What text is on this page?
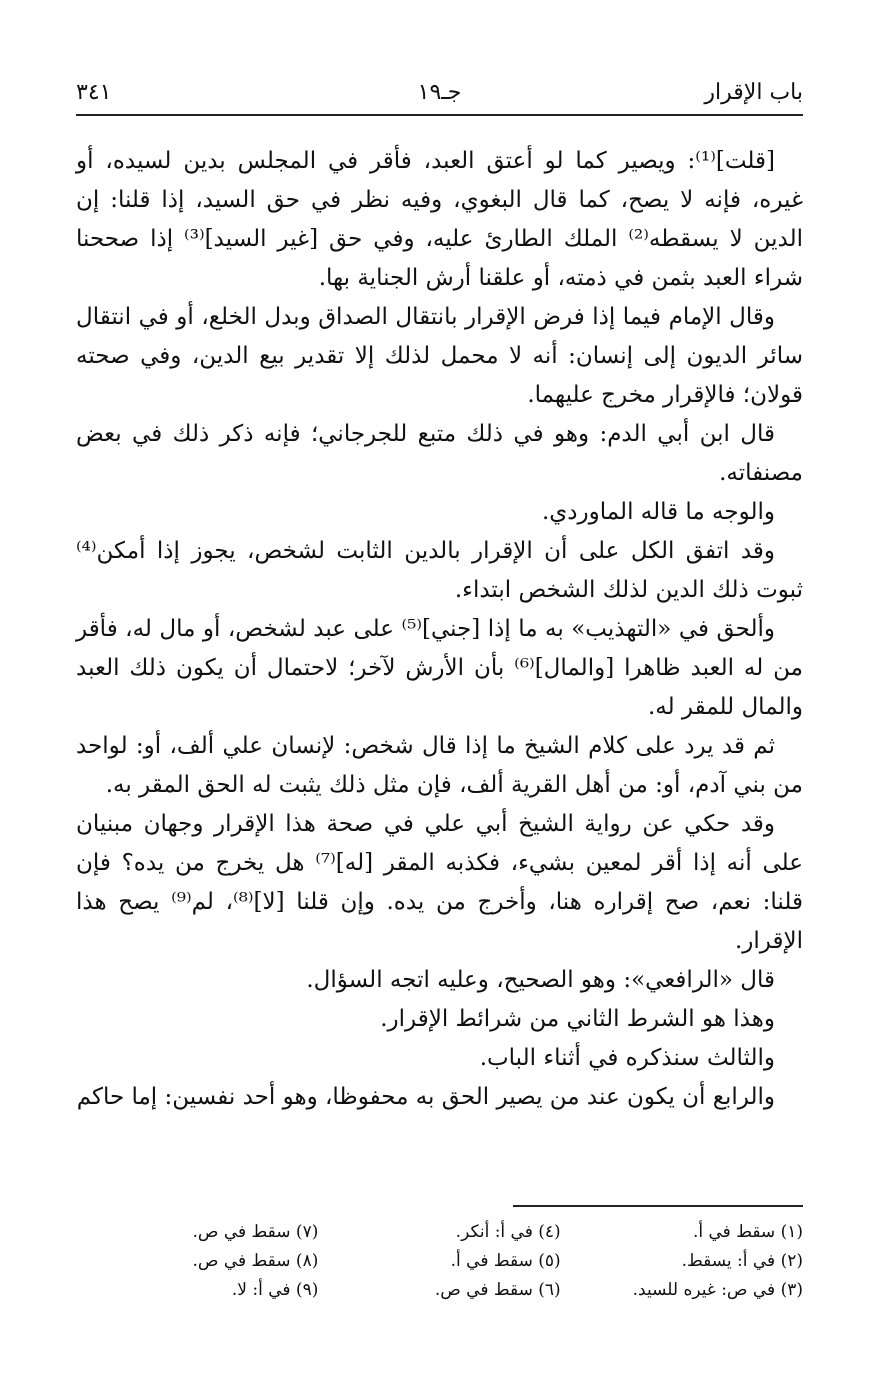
باب الإقرار
جـ١٩
٣٤١

[قلت]⁽¹⁾: ويصير كما لو أعتق العبد، فأقر في المجلس بدين لسيده، أو غيره، فإنه لا يصح، كما قال البغوي، وفيه نظر في حق السيد، إذا قلنا: إن الدين لا يسقطه⁽²⁾ الملك الطارئ عليه، وفي حق [غير السيد]⁽³⁾ إذا صححنا شراء العبد بثمن في ذمته، أو علقنا أرش الجناية بها.

وقال الإمام فيما إذا فرض الإقرار بانتقال الصداق وبدل الخلع، أو في انتقال سائر الديون إلى إنسان: أنه لا محمل لذلك إلا تقدير بيع الدين، وفي صحته قولان؛ فالإقرار مخرج عليهما.

قال ابن أبي الدم: وهو في ذلك متبع للجرجاني؛ فإنه ذكر ذلك في بعض مصنفاته.

والوجه ما قاله الماوردي.

وقد اتفق الكل على أن الإقرار بالدين الثابت لشخص، يجوز إذا أمكن⁽⁴⁾ ثبوت ذلك الدين لذلك الشخص ابتداء.

وألحق في «التهذيب» به ما إذا [جني]⁽⁵⁾ على عبد لشخص، أو مال له، فأقر من له العبد ظاهرا [والمال]⁽⁶⁾ بأن الأرش لآخر؛ لاحتمال أن يكون ذلك العبد والمال للمقر له.

ثم قد يرد على كلام الشيخ ما إذا قال شخص: لإنسان علي ألف، أو: لواحد من بني آدم، أو: من أهل القرية ألف، فإن مثل ذلك يثبت له الحق المقر به.

وقد حكي عن رواية الشيخ أبي علي في صحة هذا الإقرار وجهان مبنيان على أنه إذا أقر لمعين بشيء، فكذبه المقر [له]⁽⁷⁾ هل يخرج من يده؟ فإن قلنا: نعم، صح إقراره هنا، وأخرج من يده. وإن قلنا [لا]⁽⁸⁾، لم⁽⁹⁾ يصح هذا الإقرار.

قال «الرافعي»: وهو الصحيح، وعليه اتجه السؤال.

وهذا هو الشرط الثاني من شرائط الإقرار.

والثالث سنذكره في أثناء الباب.

والرابع أن يكون عند من يصير الحق به محفوظا، وهو أحد نفسين: إما حاكم

(١) سقط في أ.
(٢) في أ: يسقط.
(٣) في ص: غيره للسيد.
(٤) في أ: أنكر.
(٥) سقط في أ.
(٦) سقط في ص.
(٧) سقط في ص.
(٨) سقط في ص.
(٩) في أ: لا.
